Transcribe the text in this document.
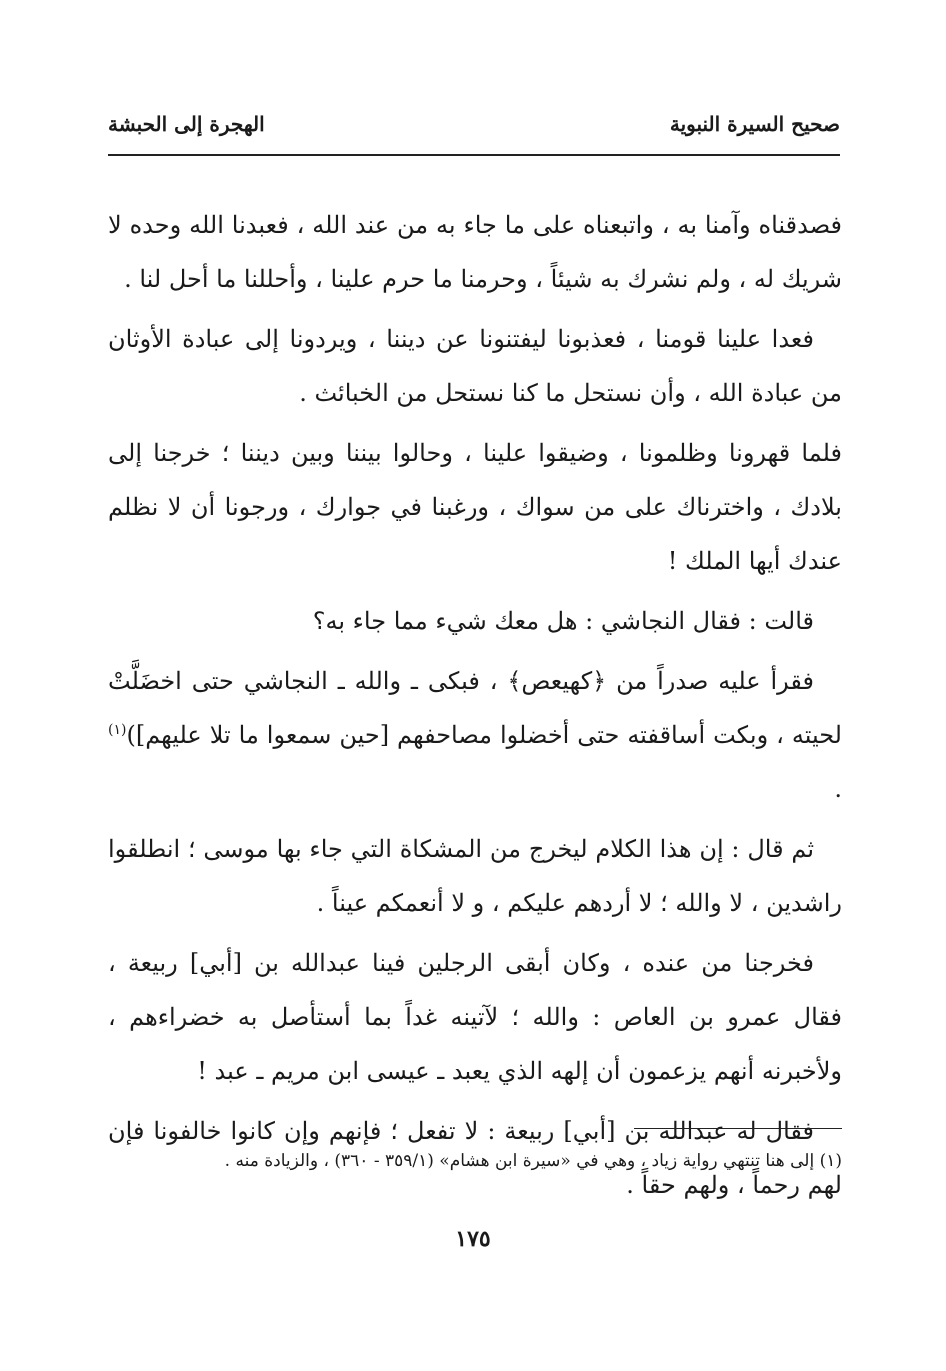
صحيح السيرة النبوية
الهجرة إلى الحبشة

فصدقناه وآمنا به ، واتبعناه على ما جاء به من عند الله ، فعبدنا الله وحده لا شريك له ، ولم نشرك به شيئاً ، وحرمنا ما حرم علينا ، وأحللنا ما أحل لنا .

فعدا علينا قومنا ، فعذبونا ليفتنونا عن ديننا ، ويردونا إلى عبادة الأوثان من عبادة الله ، وأن نستحل ما كنا نستحل من الخبائث .

فلما قهرونا وظلمونا ، وضيقوا علينا ، وحالوا بيننا وبين ديننا ؛ خرجنا إلى بلادك ، واخترناك على من سواك ، ورغبنا في جوارك ، ورجونا أن لا نظلم عندك أيها الملك !

قالت : فقال النجاشي : هل معك شيء مما جاء به؟

فقرأ عليه صدراً من ﴿كهيعص﴾ ، فبكى ـ والله ـ النجاشي حتى اخضَلَّتْ لحيته ، وبكت أساقفته حتى أخضلوا مصاحفهم [حين سمعوا ما تلا عليهم])$^{(١)}$ .

ثم قال : إن هذا الكلام ليخرج من المشكاة التي جاء بها موسى ؛ انطلقوا راشدين ، لا والله ؛ لا أردهم عليكم ، و لا أنعمكم عيناً .

فخرجنا من عنده ، وكان أبقى الرجلين فينا عبدالله بن [أبي] ربيعة ، فقال عمرو بن العاص : والله ؛ لآتينه غداً بما أستأصل به خضراءهم ، ولأخبرنه أنهم يزعمون أن إلهه الذي يعبد ـ عيسى ابن مريم ـ عبد !

فقال له عبدالله بن [أبي] ربيعة : لا تفعل ؛ فإنهم وإن كانوا خالفونا فإن لهم رحماً ، ولهم حقاً .

(١) إلى هنا تنتهي رواية زياد ، وهي في «سيرة ابن هشام» (٣٥٩/١ - ٣٦٠) ، والزيادة منه .
١٧٥
